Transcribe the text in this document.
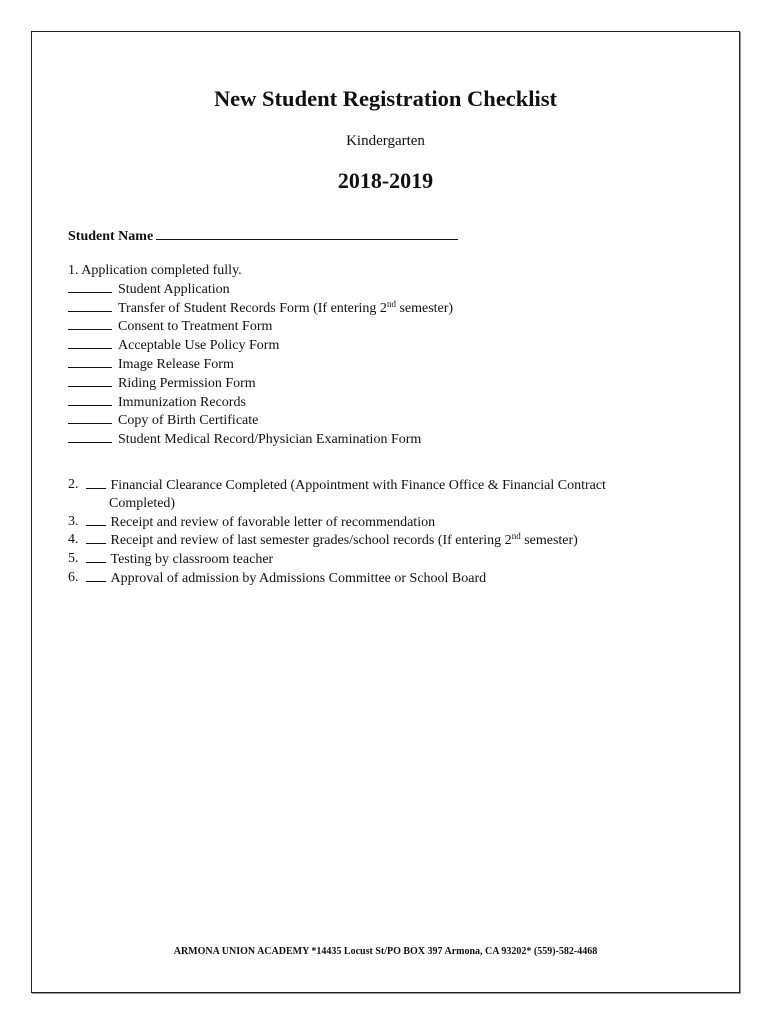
New Student Registration Checklist
Kindergarten
2018-2019
Student Name
1. Application completed fully.
Student Application
Transfer of Student Records Form (If entering 2nd semester)
Consent to Treatment Form
Acceptable Use Policy Form
Image Release Form
Riding Permission Form
Immunization Records
Copy of Birth Certificate
Student Medical Record/Physician Examination Form
2.	Financial Clearance Completed (Appointment with Finance Office & Financial Contract
Completed)
3.	Receipt and review of favorable letter of recommendation
4.	Receipt and review of last semester grades/school records (If entering 2nd semester)
5.	Testing by classroom teacher
6.	Approval of admission by Admissions Committee or School Board
ARMONA UNION ACADEMY *14435 Locust St/PO BOX 397 Armona, CA 93202* (559)-582-4468
